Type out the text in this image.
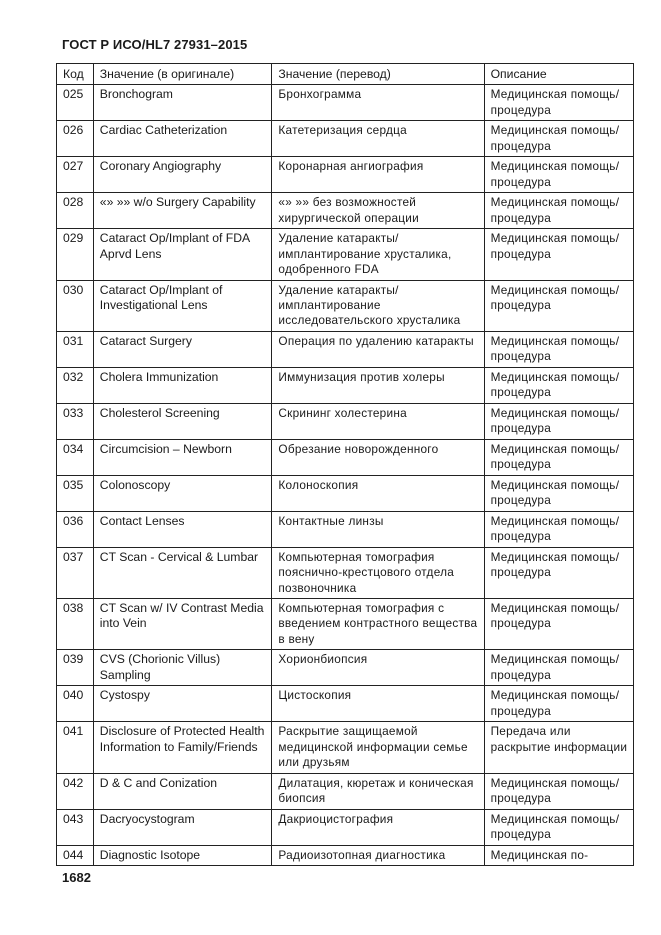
ГОСТ Р ИСО/HL7 27931–2015
Код	Значение (в оригинале)	Значение (перевод)	Описание
025	Bronchogram	Бронхограмма	Медицинская помощь/ процедура
026	Cardiac Catheterization	Катетеризация сердца	Медицинская помощь/ процедура
027	Coronary Angiography	Коронарная ангиография	Медицинская помощь/ процедура
028	«» »» w/o Surgery Capability	«» »» без возможностей хирургической операции	Медицинская помощь/ процедура
029	Cataract Op/Implant of FDA Aprvd Lens	Удаление катаракты/ имплантирование хрусталика, одобренного FDA	Медицинская помощь/ процедура
030	Cataract Op/Implant of Investigational Lens	Удаление катаракты/ имплантирование исследовательского хрусталика	Медицинская помощь/ процедура
031	Cataract Surgery	Операция по удалению катаракты	Медицинская помощь/ процедура
032	Cholera Immunization	Иммунизация против холеры	Медицинская помощь/ процедура
033	Cholesterol Screening	Скрининг холестерина	Медицинская помощь/ процедура
034	Circumcision – Newborn	Обрезание новорожденного	Медицинская помощь/ процедура
035	Colonoscopy	Колоноскопия	Медицинская помощь/ процедура
036	Contact Lenses	Контактные линзы	Медицинская помощь/ процедура
037	CT Scan - Cervical & Lumbar	Компьютерная томография пояснично-крестцового отдела позвоночника	Медицинская помощь/ процедура
038	CT Scan w/ IV Contrast Media into Vein	Компьютерная томография с введением контрастного вещества в вену	Медицинская помощь/ процедура
039	CVS (Chorionic Villus) Sampling	Хорионбиопсия	Медицинская помощь/ процедура
040	Cystospy	Цистоскопия	Медицинская помощь/ процедура
041	Disclosure of Protected Health Information to Family/Friends	Раскрытие защищаемой медицинской информации семье или друзьям	Передача или раскрытие информации
042	D & C and Conization	Дилатация, кюретаж и коническая биопсия	Медицинская помощь/ процедура
043	Dacryocystogram	Дакриоцистография	Медицинская помощь/ процедура
044	Diagnostic Isotope	Радиоизотопная диагностика	Медицинская по-
1682
